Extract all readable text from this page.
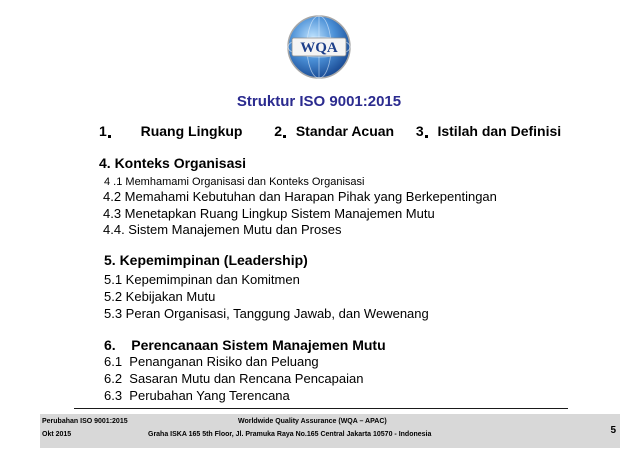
WQA
Struktur ISO 9001:2015
1 Ruang Lingkup 2 Standar Acuan 3 Istilah dan Definisi
4. Konteks Organisasi
4 .1 Memhamami Organisasi dan Konteks Organisasi
4.2 Memahami Kebutuhan dan Harapan Pihak yang Berkepentingan
4.3 Menetapkan Ruang Lingkup Sistem Manajemen Mutu
4.4. Sistem Manajemen Mutu dan Proses
5. Kepemimpinan (Leadership)
5.1 Kepemimpinan dan Komitmen
5.2 Kebijakan Mutu
5.3 Peran Organisasi, Tanggung Jawab, dan Wewenang
6.    Perencanaan Sistem Manajemen Mutu
6.1  Penanganan Risiko dan Peluang
6.2  Sasaran Mutu dan Rencana Pencapaian
6.3  Perubahan Yang Terencana
Perubahan ISO 9001:2015	Worldwide Quality Assurance (WQA – APAC)
Okt 2015	Graha ISKA 165 5th Floor, Jl. Pramuka Raya No.165 Central Jakarta 10570 - Indonesia	5
